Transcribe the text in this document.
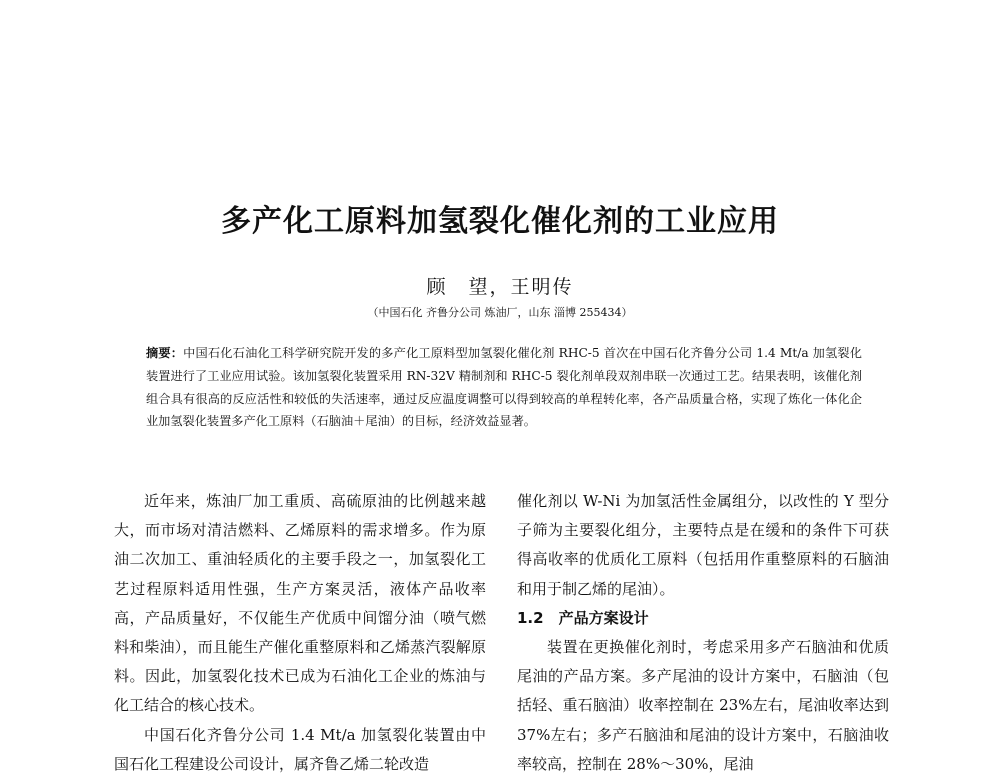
多产化工原料加氢裂化催化剂的工业应用
顾　望，王明传
（中国石化 齐鲁分公司 炼油厂，山东 淄博 255434）

摘要：中国石化石油化工科学研究院开发的多产化工原料型加氢裂化催化剂 RHC-5 首次在中国石化齐鲁分公司 1.4 Mt/a 加氢裂化装置进行了工业应用试验。该加氢裂化装置采用 RN-32V 精制剂和 RHC-5 裂化剂单段双剂串联一次通过工艺。结果表明，该催化剂组合具有很高的反应活性和较低的失活速率，通过反应温度调整可以得到较高的单程转化率，各产品质量合格，实现了炼化一体化企业加氢裂化装置多产化工原料（石脑油＋尾油）的目标，经济效益显著。

近年来，炼油厂加工重质、高硫原油的比例越来越大，而市场对清洁燃料、乙烯原料的需求增多。作为原油二次加工、重油轻质化的主要手段之一，加氢裂化工艺过程原料适用性强，生产方案灵活，液体产品收率高，产品质量好，不仅能生产优质中间馏分油（喷气燃料和柴油），而且能生产催化重整原料和乙烯蒸汽裂解原料。因此，加氢裂化技术已成为石油化工企业的炼油与化工结合的核心技术。

中国石化齐鲁分公司 1.4 Mt/a 加氢裂化装置由中国石化工程建设公司设计，属齐鲁乙烯二轮改造

催化剂以 W-Ni 为加氢活性金属组分，以改性的 Y 型分子筛为主要裂化组分，主要特点是在缓和的条件下可获得高收率的优质化工原料（包括用作重整原料的石脑油和用于制乙烯的尾油）。

1.2　产品方案设计

装置在更换催化剂时，考虑采用多产石脑油和优质尾油的产品方案。多产尾油的设计方案中，石脑油（包括轻、重石脑油）收率控制在 23%左右，尾油收率达到 37%左右；多产石脑油和尾油的设计方案中，石脑油收率较高，控制在 28%～30%，尾油
